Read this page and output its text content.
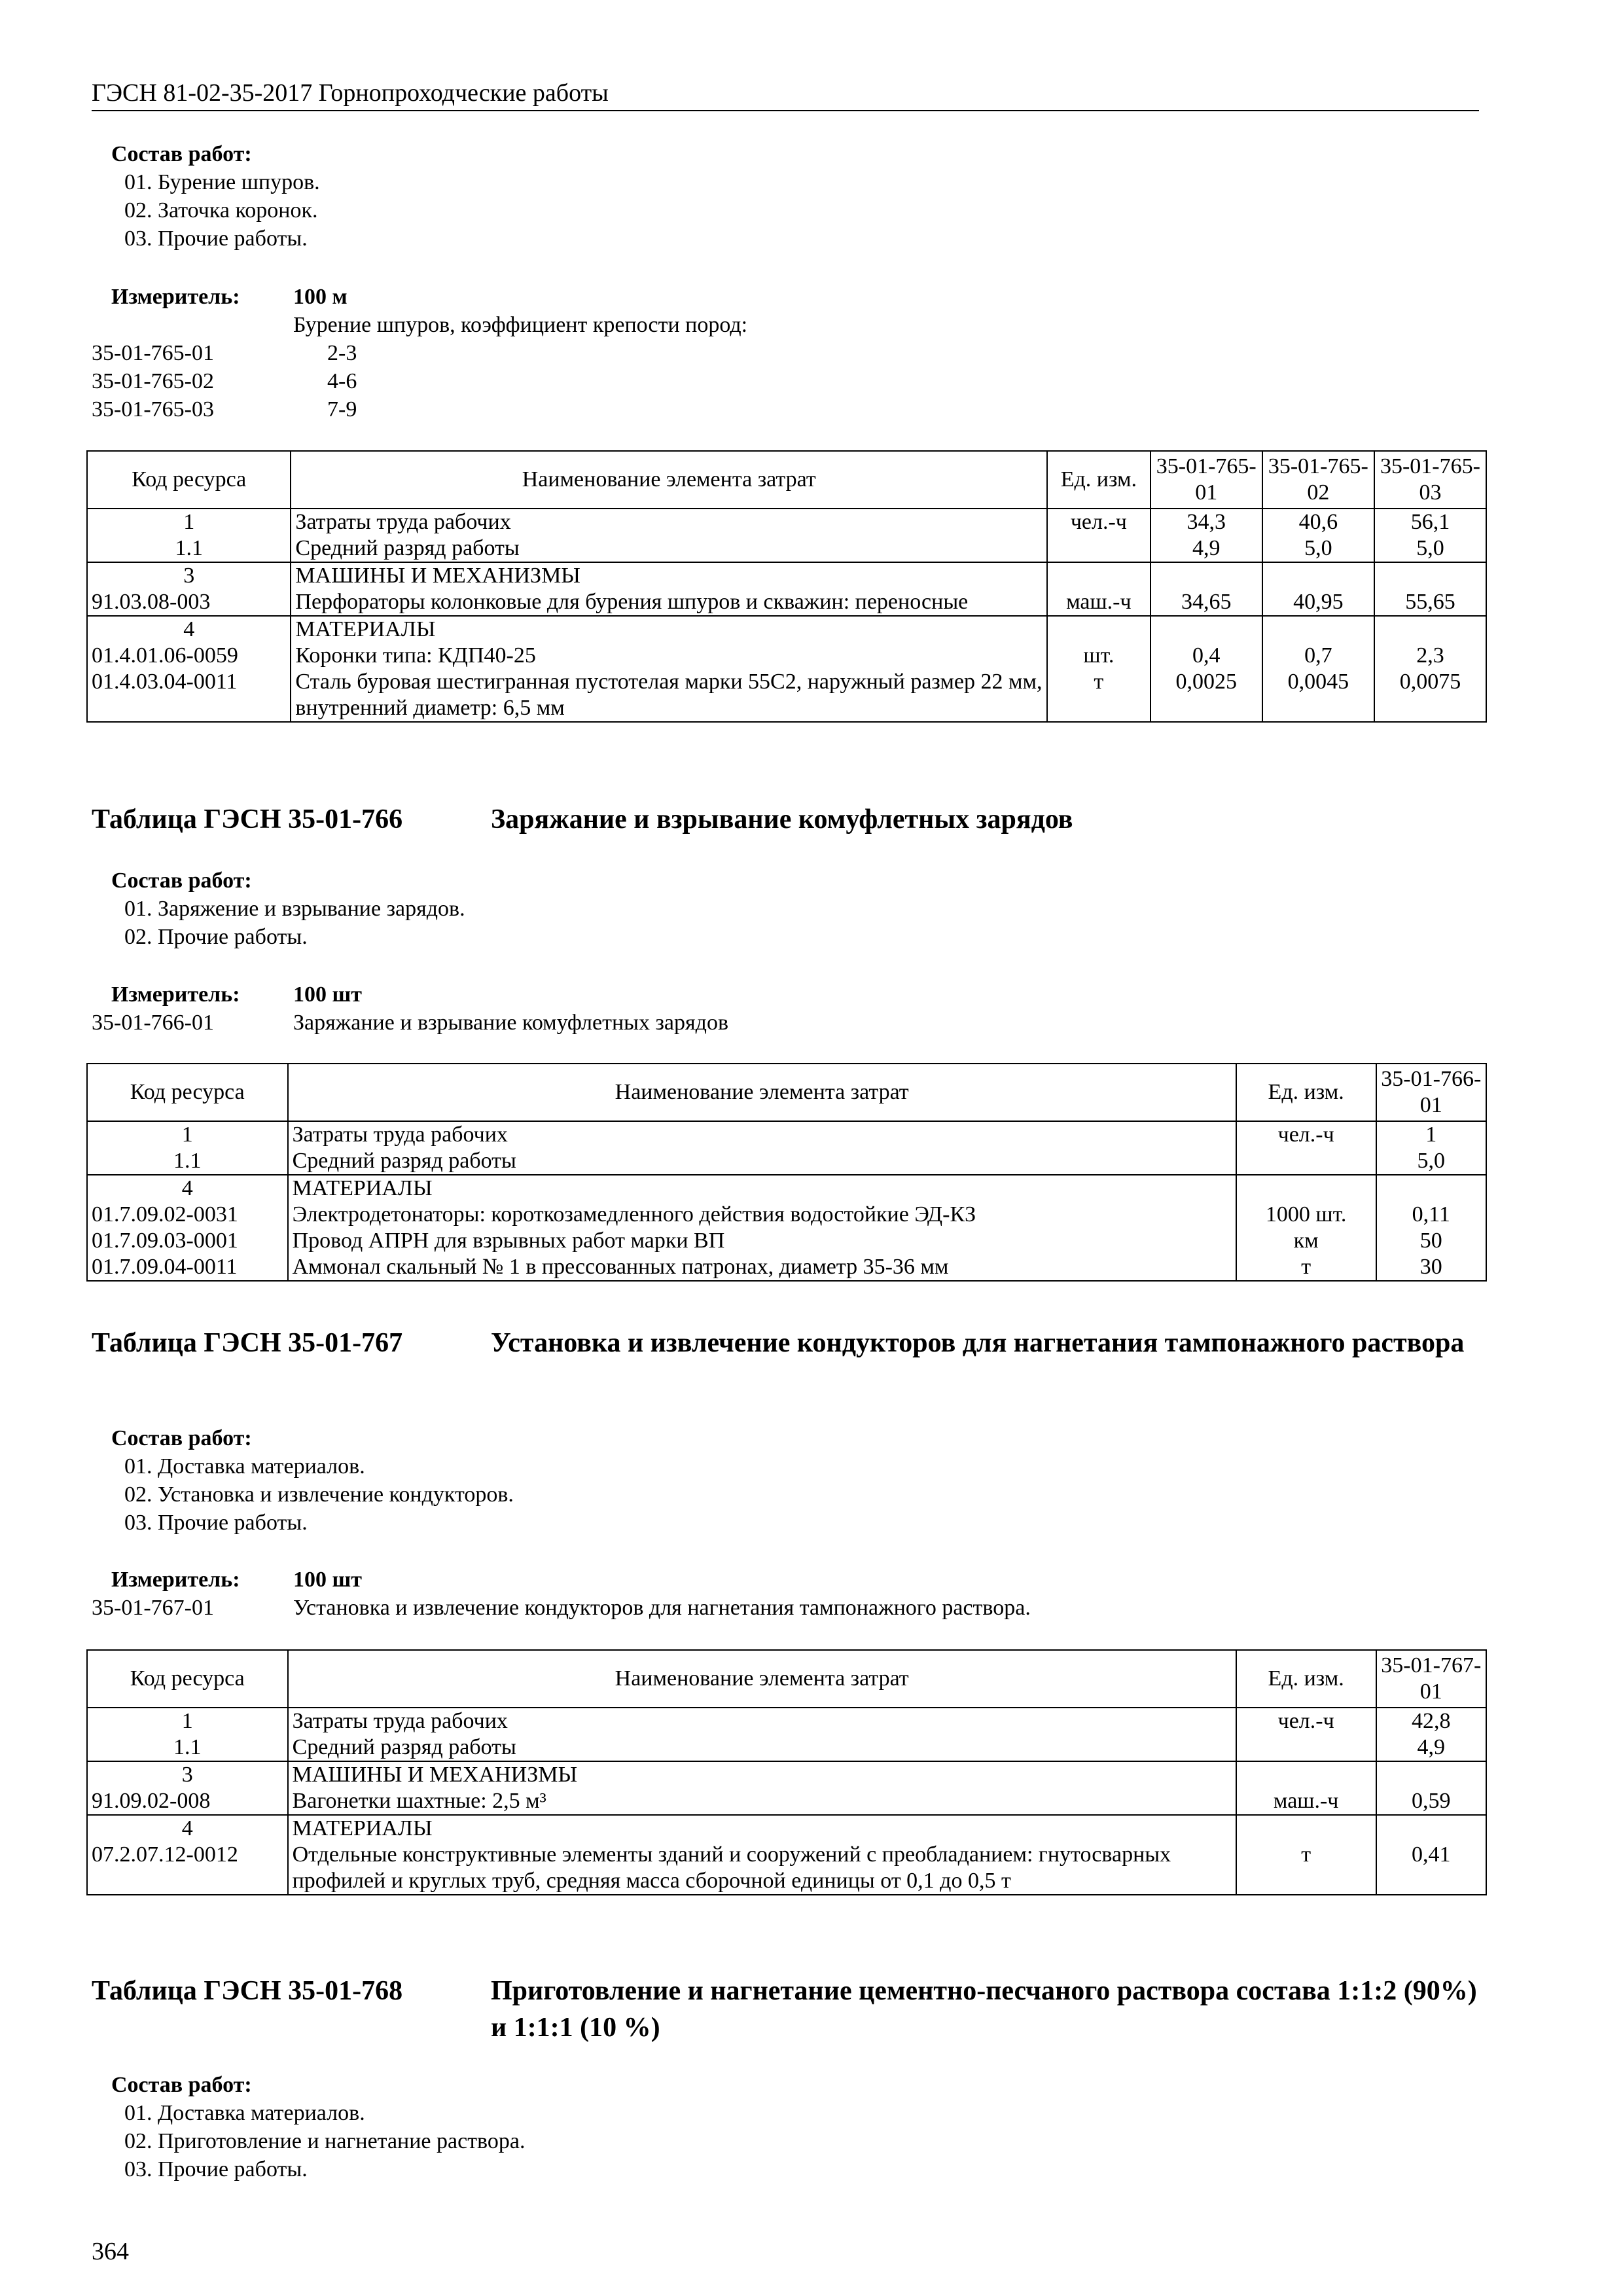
ГЭСН 81-02-35-2017 Горнопроходческие работы
Состав работ:
01. Бурение шпуров.
02. Заточка коронок.
03. Прочие работы.
Измеритель: 100 м
Бурение шпуров, коэффициент крепости пород:
35-01-765-01	2-3
35-01-765-02	4-6
35-01-765-03	7-9
Код ресурса	Наименование элемента затрат	Ед. изм.	35-01-765-01	35-01-765-02	35-01-765-03
1	Затраты труда рабочих	чел.-ч	34,3	40,6	56,1
1.1	Средний разряд работы		4,9	5,0	5,0
3	МАШИНЫ И МЕХАНИЗМЫ				
91.03.08-003	Перфораторы колонковые для бурения шпуров и скважин: переносные	маш.-ч	34,65	40,95	55,65
4	МАТЕРИАЛЫ				
01.4.01.06-0059	Коронки типа: КДП40-25	шт.	0,4	0,7	2,3
01.4.03.04-0011	Сталь буровая шестигранная пустотелая марки 55С2, наружный размер 22 мм, внутренний диаметр: 6,5 мм	т	0,0025	0,0045	0,0075
Таблица ГЭСН 35-01-766	Заряжание и взрывание комуфлетных зарядов
Состав работ:
01. Заряжение и взрывание зарядов.
02. Прочие работы.
Измеритель: 100 шт
35-01-766-01	Заряжание и взрывание комуфлетных зарядов
Код ресурса	Наименование элемента затрат	Ед. изм.	35-01-766-01
1	Затраты труда рабочих	чел.-ч	1
1.1	Средний разряд работы		5,0
4	МАТЕРИАЛЫ		
01.7.09.02-0031	Электродетонаторы: короткозамедленного действия водостойкие ЭД-КЗ	1000 шт.	0,11
01.7.09.03-0001	Провод АПРН для взрывных работ марки ВП	км	50
01.7.09.04-0011	Аммонал скальный № 1 в прессованных патронах, диаметр 35-36 мм	т	30
Таблица ГЭСН 35-01-767	Установка и извлечение кондукторов для нагнетания тампонажного раствора
Состав работ:
01. Доставка материалов.
02. Установка и извлечение кондукторов.
03. Прочие работы.
Измеритель: 100 шт
35-01-767-01	Установка и извлечение кондукторов для нагнетания тампонажного раствора.
Код ресурса	Наименование элемента затрат	Ед. изм.	35-01-767-01
1	Затраты труда рабочих	чел.-ч	42,8
1.1	Средний разряд работы		4,9
3	МАШИНЫ И МЕХАНИЗМЫ		
91.09.02-008	Вагонетки шахтные: 2,5 м³	маш.-ч	0,59
4	МАТЕРИАЛЫ		
07.2.07.12-0012	Отдельные конструктивные элементы зданий и сооружений с преобладанием: гнутосварных профилей и круглых труб, средняя масса сборочной единицы от 0,1 до 0,5 т	т	0,41
Таблица ГЭСН 35-01-768	Приготовление и нагнетание цементно-песчаного раствора состава 1:1:2 (90%) и 1:1:1 (10 %)
Состав работ:
01. Доставка материалов.
02. Приготовление и нагнетание раствора.
03. Прочие работы.
364
